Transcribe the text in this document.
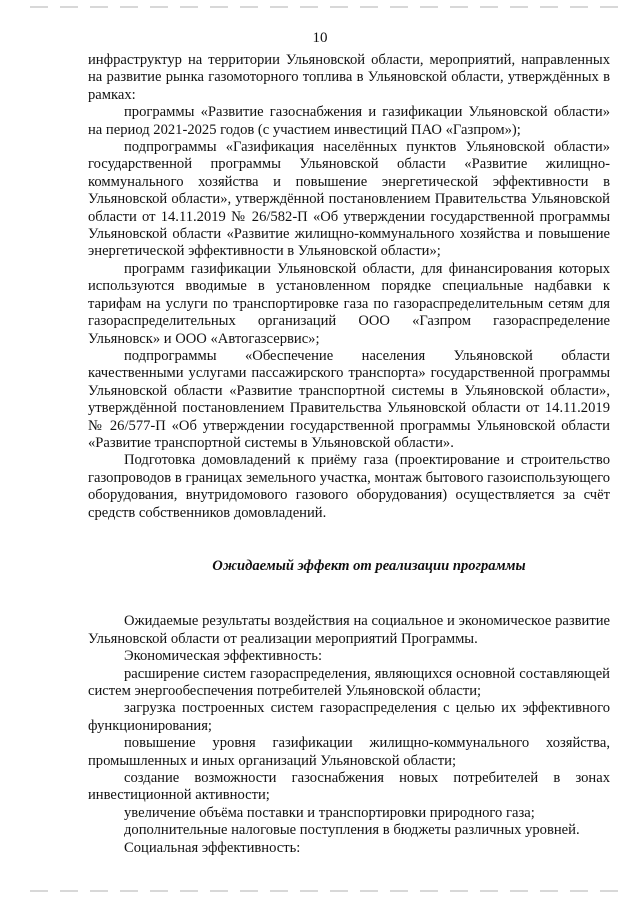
10

инфраструктур на территории Ульяновской области, мероприятий, направленных на развитие рынка газомоторного топлива в Ульяновской области, утверждённых в рамках:

программы «Развитие газоснабжения и газификации Ульяновской области» на период 2021-2025 годов (с участием инвестиций ПАО «Газпром»);

подпрограммы «Газификация населённых пунктов Ульяновской области» государственной программы Ульяновской области «Развитие жилищно-коммунального хозяйства и повышение энергетической эффективности в Ульяновской области», утверждённой постановлением Правительства Ульяновской области от 14.11.2019 № 26/582-П «Об утверждении государственной программы Ульяновской области «Развитие жилищно-коммунального хозяйства и повышение энергетической эффективности в Ульяновской области»;

программ газификации Ульяновской области, для финансирования которых используются вводимые в установленном порядке специальные надбавки к тарифам на услуги по транспортировке газа по газораспределительным сетям для газораспределительных организаций ООО «Газпром газораспределение Ульяновск» и ООО «Автогазсервис»;

подпрограммы «Обеспечение населения Ульяновской области качественными услугами пассажирского транспорта» государственной программы Ульяновской области «Развитие транспортной системы в Ульяновской области», утверждённой постановлением Правительства Ульяновской области от 14.11.2019 № 26/577-П «Об утверждении государственной программы Ульяновской области «Развитие транспортной системы в Ульяновской области».

Подготовка домовладений к приёму газа (проектирование и строительство газопроводов в границах земельного участка, монтаж бытового газоиспользующего оборудования, внутридомового газового оборудования) осуществляется за счёт средств собственников домовладений.

Ожидаемый эффект от реализации программы

Ожидаемые результаты воздействия на социальное и экономическое развитие Ульяновской области от реализации мероприятий Программы.

Экономическая эффективность:

расширение систем газораспределения, являющихся основной составляющей систем энергообеспечения потребителей Ульяновской области;

загрузка построенных систем газораспределения с целью их эффективного функционирования;

повышение уровня газификации жилищно-коммунального хозяйства, промышленных и иных организаций Ульяновской области;

создание возможности газоснабжения новых потребителей в зонах инвестиционной активности;

увеличение объёма поставки и транспортировки природного газа;

дополнительные налоговые поступления в бюджеты различных уровней.

Социальная эффективность:
